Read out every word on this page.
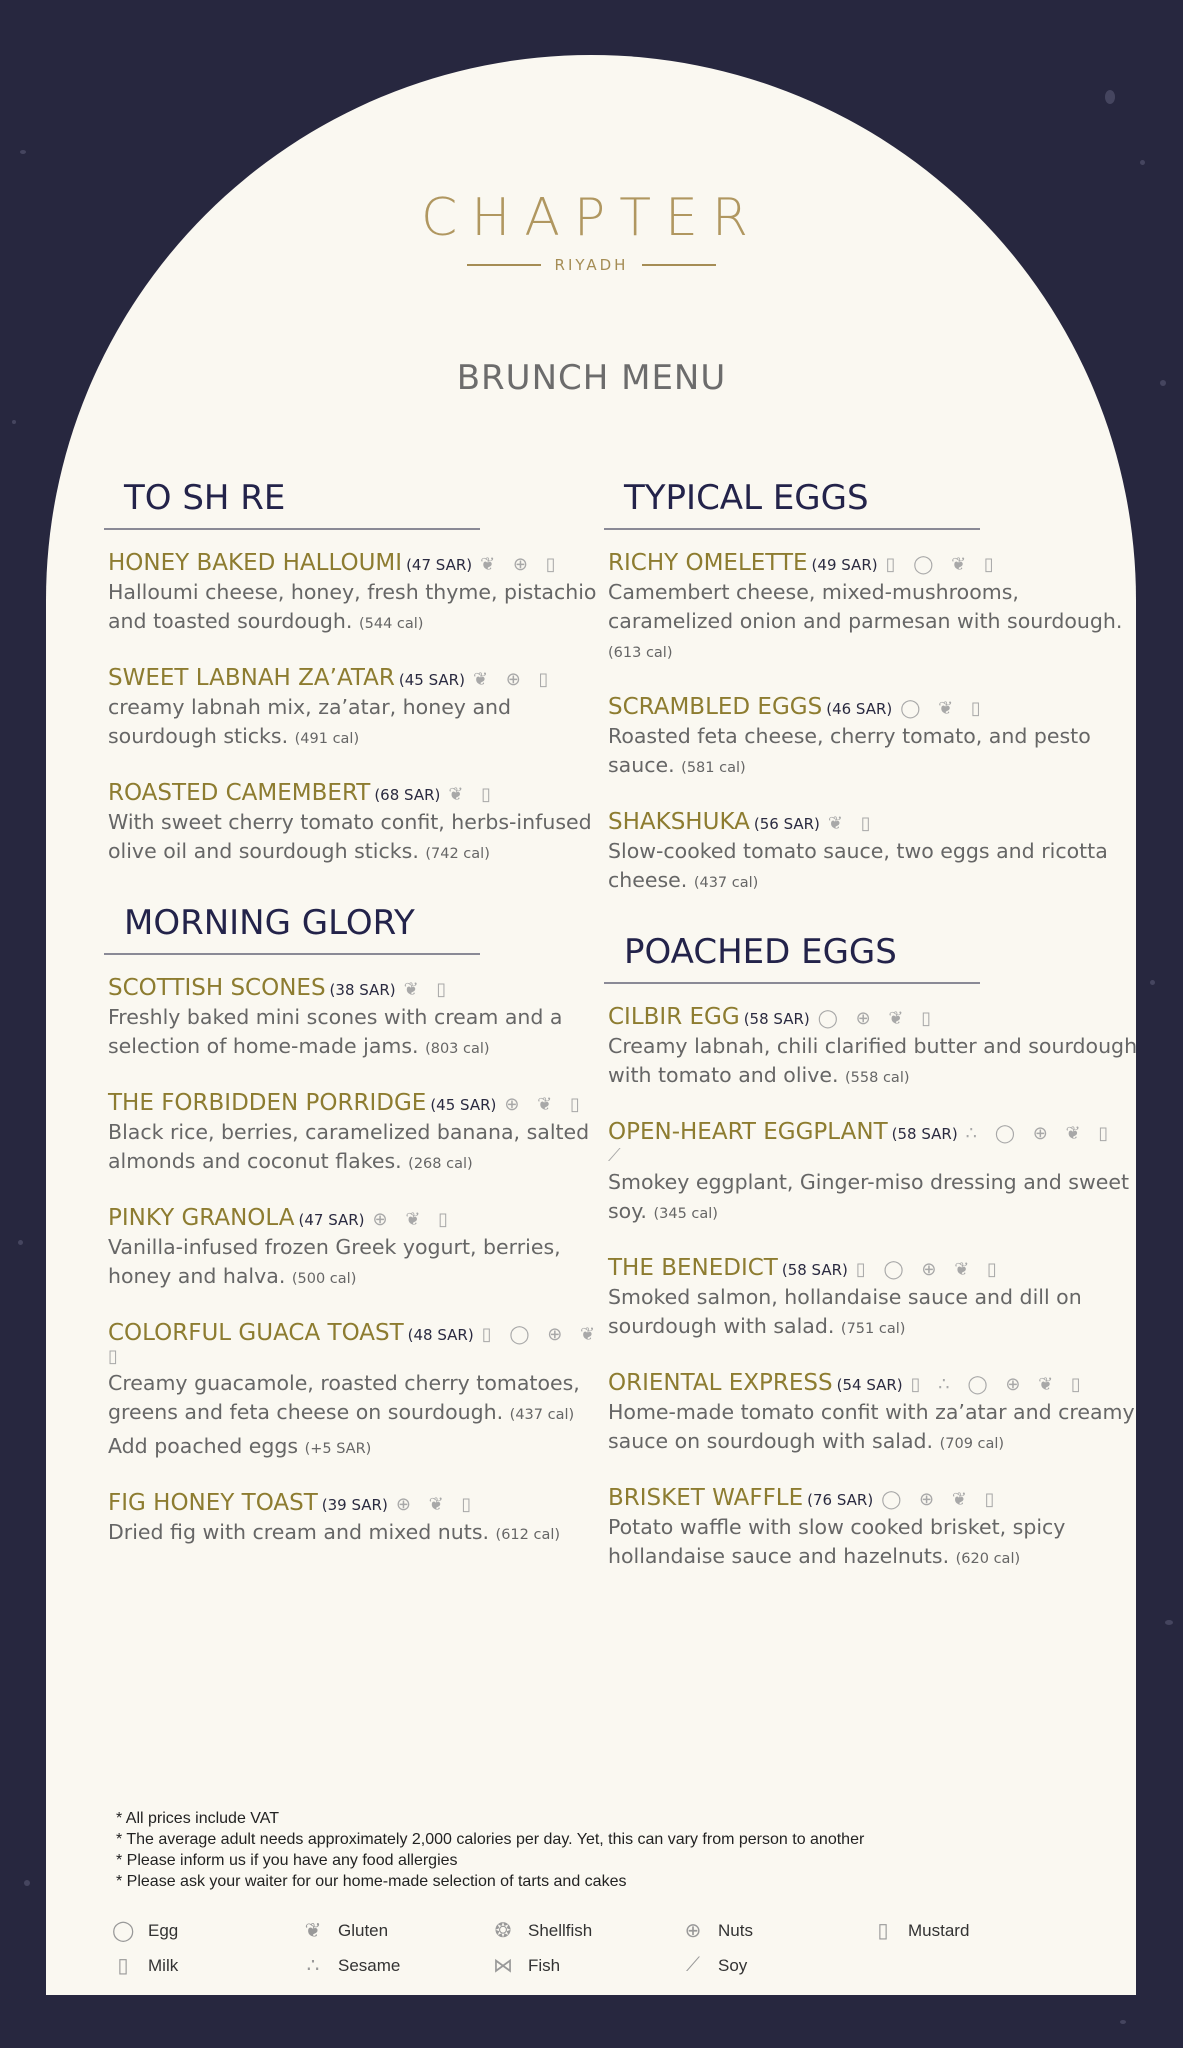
CHAPTER
RIYADH
BRUNCH MENU
TO SH RE
HONEY BAKED HALLOUMI (47 SAR) ❦ ⊕ ▯
Halloumi cheese, honey, fresh thyme, pistachio and toasted sourdough. (544 cal)
SWEET LABNAH ZA’ATAR (45 SAR) ❦ ⊕ ▯
creamy labnah mix, za’atar, honey and sourdough sticks. (491 cal)
ROASTED CAMEMBERT (68 SAR) ❦ ▯
With sweet cherry tomato confit, herbs-infused olive oil and sourdough sticks. (742 cal)
MORNING GLORY
SCOTTISH SCONES (38 SAR) ❦ ▯
Freshly baked mini scones with cream and a selection of home-made jams. (803 cal)
THE FORBIDDEN PORRIDGE (45 SAR) ⊕ ❦ ▯
Black rice, berries, caramelized banana, salted almonds and coconut flakes. (268 cal)
PINKY GRANOLA (47 SAR) ⊕ ❦ ▯
Vanilla-infused frozen Greek yogurt, berries, honey and halva. (500 cal)
COLORFUL GUACA TOAST (48 SAR) ▯ ◯ ⊕ ❦ ▯
Creamy guacamole, roasted cherry tomatoes, greens and feta cheese on sourdough. (437 cal)
Add poached eggs (+5 SAR)
FIG HONEY TOAST (39 SAR) ⊕ ❦ ▯
Dried fig with cream and mixed nuts. (612 cal)
TYPICAL EGGS
RICHY OMELETTE (49 SAR) ▯ ◯ ❦ ▯
Camembert cheese, mixed-mushrooms, caramelized onion and parmesan with sourdough. (613 cal)
SCRAMBLED EGGS (46 SAR) ◯ ❦ ▯
Roasted feta cheese, cherry tomato, and pesto sauce. (581 cal)
SHAKSHUKA (56 SAR) ❦ ▯
Slow-cooked tomato sauce, two eggs and ricotta cheese. (437 cal)
POACHED EGGS
CILBIR EGG (58 SAR) ◯ ⊕ ❦ ▯
Creamy labnah, chili clarified butter and sourdough with tomato and olive. (558 cal)
OPEN-HEART EGGPLANT (58 SAR) ∴ ◯ ⊕ ❦ ▯ ⟋
Smokey eggplant, Ginger-miso dressing and sweet soy. (345 cal)
THE BENEDICT (58 SAR) ▯ ◯ ⊕ ❦ ▯
Smoked salmon, hollandaise sauce and dill on sourdough with salad. (751 cal)
ORIENTAL EXPRESS (54 SAR) ▯ ∴ ◯ ⊕ ❦ ▯
Home-made tomato confit with za’atar and creamy sauce on sourdough with salad. (709 cal)
BRISKET WAFFLE (76 SAR) ◯ ⊕ ❦ ▯
Potato waffle with slow cooked brisket, spicy hollandaise sauce and hazelnuts. (620 cal)
* All prices include VAT
* The average adult needs approximately 2,000 calories per day. Yet, this can vary from person to another
* Please inform us if you have any food allergies
* Please ask your waiter for our home-made selection of tarts and cakes
◯ Egg	❦ Gluten	❂ Shellfish	⊕ Nuts	▯	Mustard
▯	Milk	∴ Sesame	⋈ Fish	⟋ Soy
